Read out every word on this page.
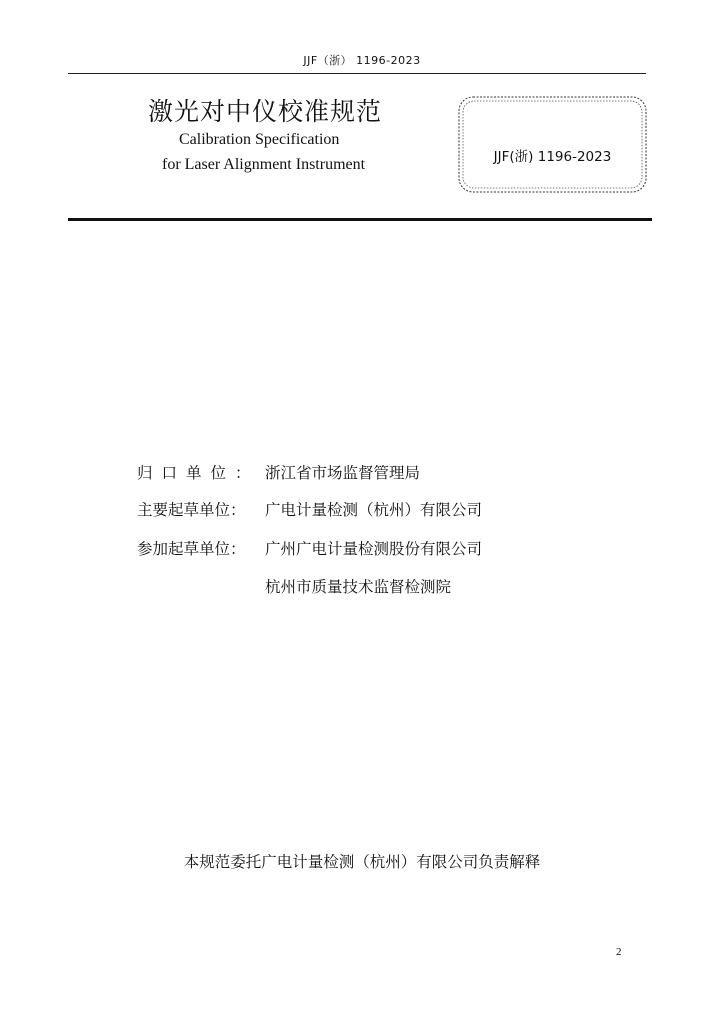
JJF（浙） 1196-2023
激光对中仪校准规范
Calibration Specification
for Laser Alignment Instrument	JJF(浙) 1196-2023
归口单位： 浙江省市场监督管理局
主要起草单位： 广电计量检测（杭州）有限公司
参加起草单位： 广州广电计量检测股份有限公司
杭州市质量技术监督检测院
本规范委托广电计量检测（杭州）有限公司负责解释
2
